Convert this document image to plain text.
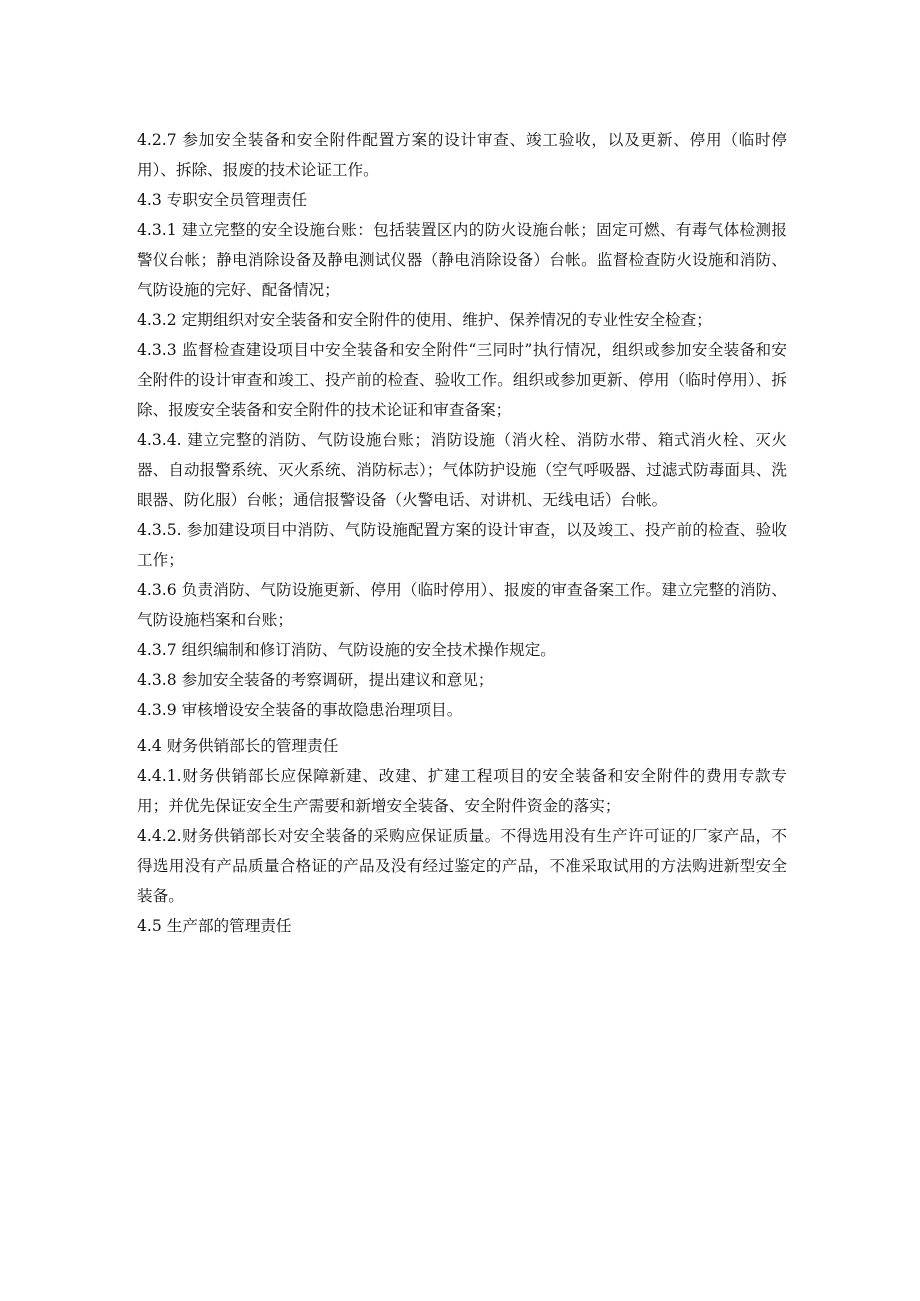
4.2.7 参加安全装备和安全附件配置方案的设计审查、竣工验收，以及更新、停用（临时停用）、拆除、报废的技术论证工作。

4.3 专职安全员管理责任

4.3.1 建立完整的安全设施台账：包括装置区内的防火设施台帐；固定可燃、有毒气体检测报警仪台帐；静电消除设备及静电测试仪器（静电消除设备）台帐。监督检查防火设施和消防、气防设施的完好、配备情况；

4.3.2 定期组织对安全装备和安全附件的使用、维护、保养情况的专业性安全检查；

4.3.3 监督检查建设项目中安全装备和安全附件“三同时”执行情况，组织或参加安全装备和安全附件的设计审查和竣工、投产前的检查、验收工作。组织或参加更新、停用（临时停用）、拆除、报废安全装备和安全附件的技术论证和审查备案；

4.3.4. 建立完整的消防、气防设施台账；消防设施（消火栓、消防水带、箱式消火栓、灭火器、自动报警系统、灭火系统、消防标志）；气体防护设施（空气呼吸器、过滤式防毒面具、洗眼器、防化服）台帐；通信报警设备（火警电话、对讲机、无线电话）台帐。

4.3.5. 参加建设项目中消防、气防设施配置方案的设计审查，以及竣工、投产前的检查、验收工作；

4.3.6 负责消防、气防设施更新、停用（临时停用）、报废的审查备案工作。建立完整的消防、气防设施档案和台账；

4.3.7 组织编制和修订消防、气防设施的安全技术操作规定。

4.3.8 参加安全装备的考察调研，提出建议和意见；

4.3.9 审核增设安全装备的事故隐患治理项目。

4.4 财务供销部长的管理责任

4.4.1.财务供销部长应保障新建、改建、扩建工程项目的安全装备和安全附件的费用专款专用；并优先保证安全生产需要和新增安全装备、安全附件资金的落实；

4.4.2.财务供销部长对安全装备的采购应保证质量。不得选用没有生产许可证的厂家产品，不得选用没有产品质量合格证的产品及没有经过鉴定的产品，不准采取试用的方法购进新型安全装备。

4.5 生产部的管理责任
